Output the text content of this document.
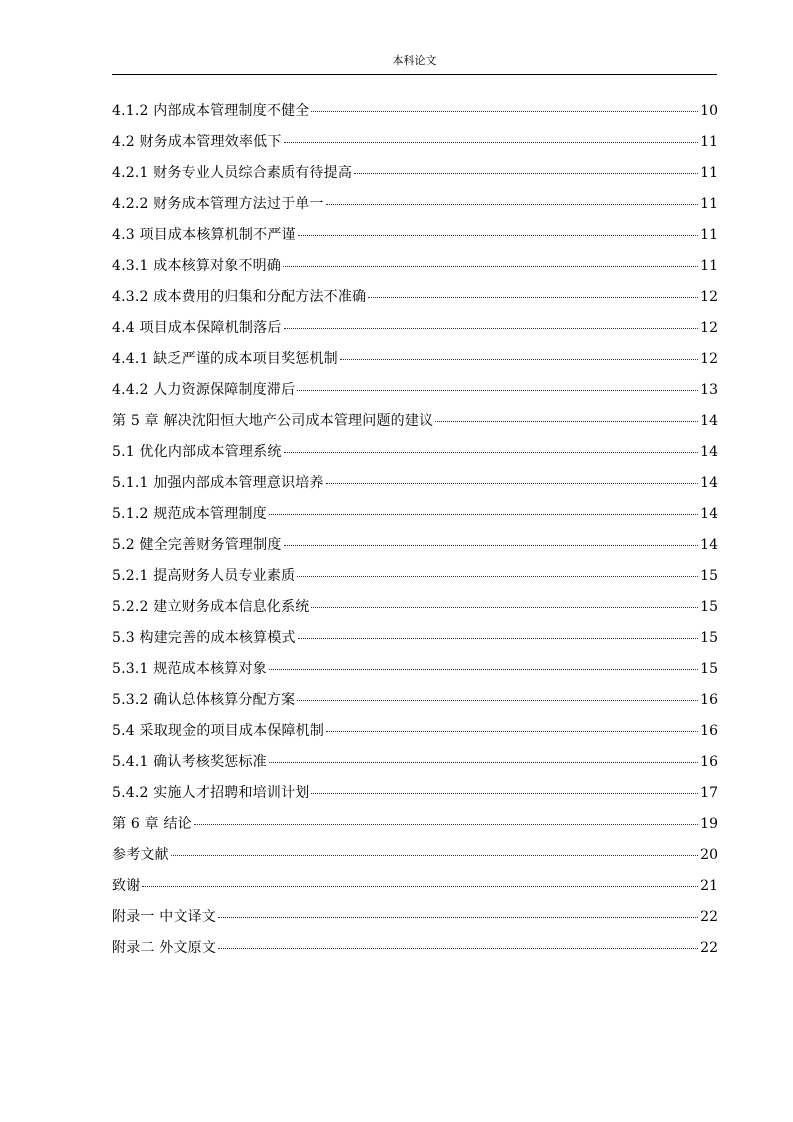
本科论文
4.1.2 内部成本管理制度不健全	10
4.2 财务成本管理效率低下	11
4.2.1 财务专业人员综合素质有待提高	11
4.2.2 财务成本管理方法过于单一	11
4.3 项目成本核算机制不严谨	11
4.3.1 成本核算对象不明确	11
4.3.2 成本费用的归集和分配方法不准确	12
4.4 项目成本保障机制落后	12
4.4.1 缺乏严谨的成本项目奖惩机制	12
4.4.2 人力资源保障制度滞后	13
第 5 章 解决沈阳恒大地产公司成本管理问题的建议	14
5.1 优化内部成本管理系统	14
5.1.1 加强内部成本管理意识培养	14
5.1.2 规范成本管理制度	14
5.2 健全完善财务管理制度	14
5.2.1 提高财务人员专业素质	15
5.2.2 建立财务成本信息化系统	15
5.3 构建完善的成本核算模式	15
5.3.1 规范成本核算对象	15
5.3.2 确认总体核算分配方案	16
5.4 采取现金的项目成本保障机制	16
5.4.1 确认考核奖惩标准	16
5.4.2 实施人才招聘和培训计划	17
第 6 章 结论	19
参考文献	20
致谢	21
附录一 中文译文	22
附录二 外文原文	22
